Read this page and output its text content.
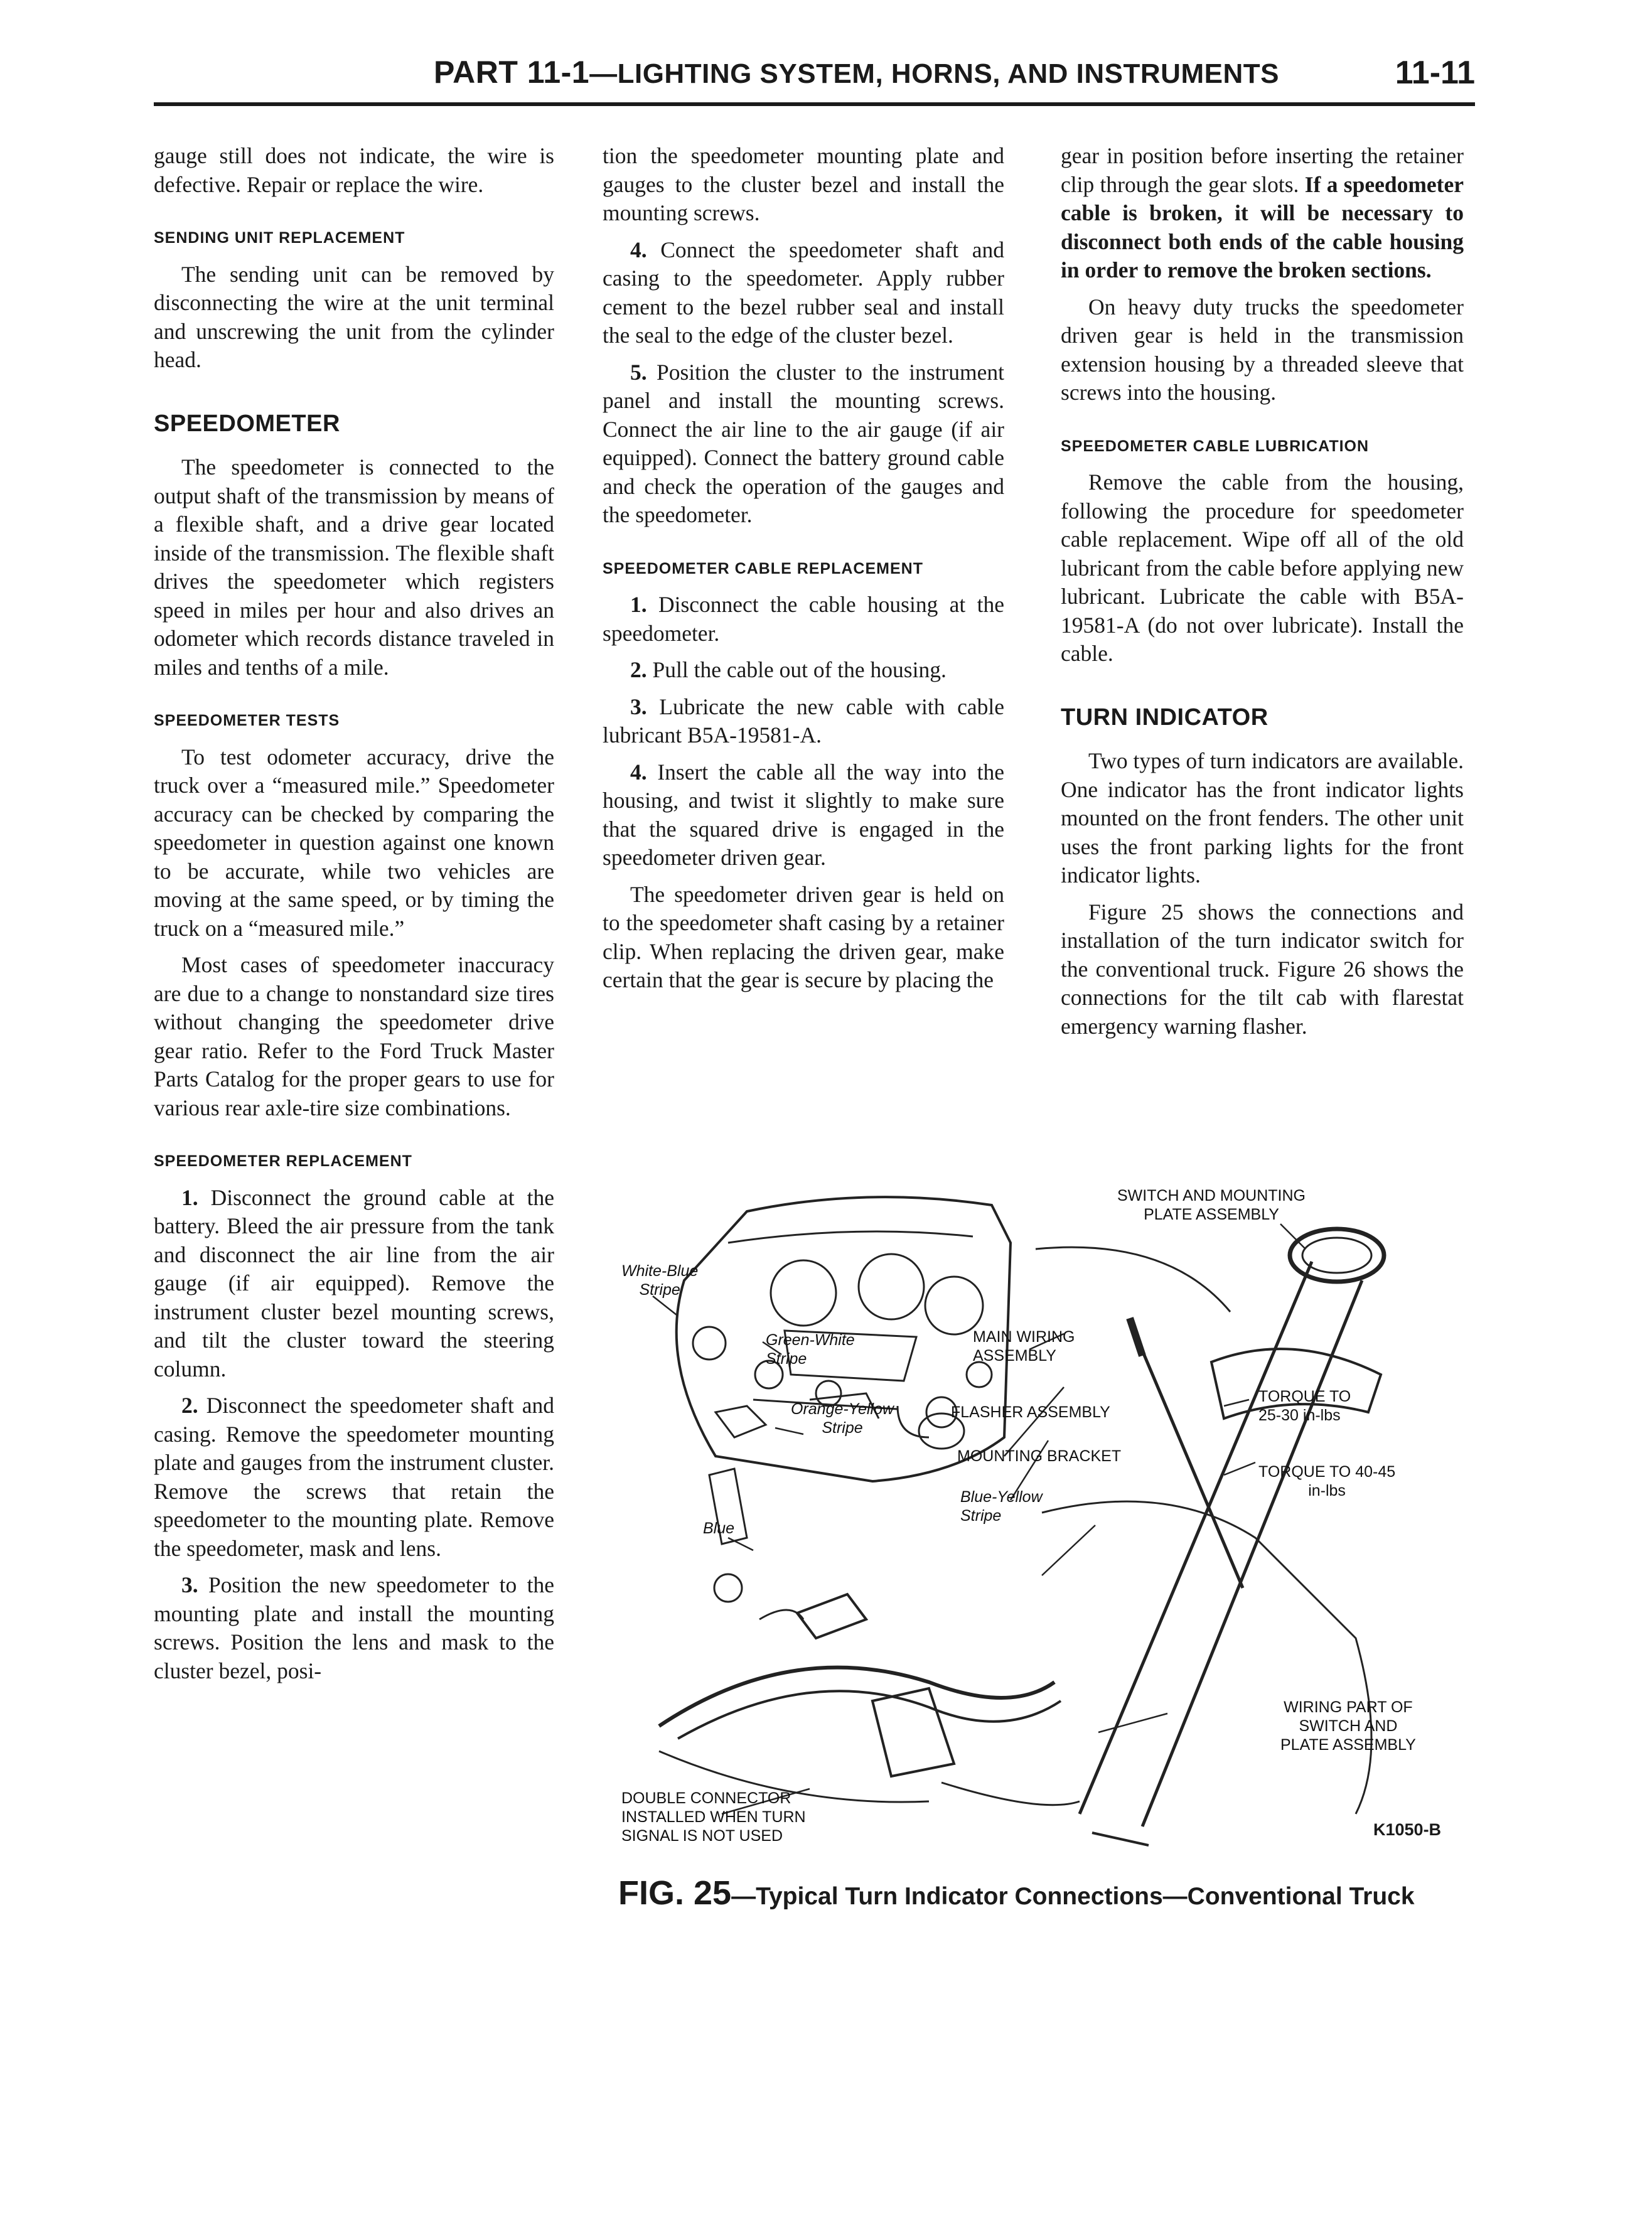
PART 11-1—LIGHTING SYSTEM, HORNS, AND INSTRUMENTS	11-11

gauge still does not indicate, the wire is defective. Repair or replace the wire.

SENDING UNIT REPLACEMENT

The sending unit can be removed by disconnecting the wire at the unit terminal and unscrewing the unit from the cylinder head.

SPEEDOMETER

The speedometer is connected to the output shaft of the transmission by means of a flexible shaft, and a drive gear located inside of the transmission. The flexible shaft drives the speedometer which registers speed in miles per hour and also drives an odometer which records distance traveled in miles and tenths of a mile.

SPEEDOMETER TESTS

To test odometer accuracy, drive the truck over a “measured mile.” Speedometer accuracy can be checked by comparing the speedometer in question against one known to be accurate, while two vehicles are moving at the same speed, or by timing the truck on a “measured mile.”

Most cases of speedometer inaccuracy are due to a change to nonstandard size tires without changing the speedometer drive gear ratio. Refer to the Ford Truck Master Parts Catalog for the proper gears to use for various rear axle-tire size combinations.

SPEEDOMETER REPLACEMENT

1. Disconnect the ground cable at the battery. Bleed the air pressure from the tank and disconnect the air line from the air gauge (if air equipped). Remove the instrument cluster bezel mounting screws, and tilt the cluster toward the steering column.

2. Disconnect the speedometer shaft and casing. Remove the speedometer mounting plate and gauges from the instrument cluster. Remove the screws that retain the speedometer to the mounting plate. Remove the speedometer, mask and lens.

3. Position the new speedometer to the mounting plate and install the mounting screws. Position the lens and mask to the cluster bezel, posi-

tion the speedometer mounting plate and gauges to the cluster bezel and install the mounting screws.

4. Connect the speedometer shaft and casing to the speedometer. Apply rubber cement to the bezel rubber seal and install the seal to the edge of the cluster bezel.

5. Position the cluster to the instrument panel and install the mounting screws. Connect the air line to the air gauge (if air equipped). Connect the battery ground cable and check the operation of the gauges and the speedometer.

SPEEDOMETER CABLE REPLACEMENT

1. Disconnect the cable housing at the speedometer.

2. Pull the cable out of the housing.

3. Lubricate the new cable with cable lubricant B5A-19581-A.

4. Insert the cable all the way into the housing, and twist it slightly to make sure that the squared drive is engaged in the speedometer driven gear.

The speedometer driven gear is held on to the speedometer shaft casing by a retainer clip. When replacing the driven gear, make certain that the gear is secure by placing the

gear in position before inserting the retainer clip through the gear slots. If a speedometer cable is broken, it will be necessary to disconnect both ends of the cable housing in order to remove the broken sections.

On heavy duty trucks the speedometer driven gear is held in the transmission extension housing by a threaded sleeve that screws into the housing.

SPEEDOMETER CABLE LUBRICATION

Remove the cable from the housing, following the procedure for speedometer cable replacement. Wipe off all of the old lubricant from the cable before applying new lubricant. Lubricate the cable with B5A-19581-A (do not over lubricate). Install the cable.

TURN INDICATOR

Two types of turn indicators are available. One indicator has the front indicator lights mounted on the front fenders. The other unit uses the front parking lights for the front indicator lights.

Figure 25 shows the connections and installation of the turn indicator switch for the conventional truck. Figure 26 shows the connections for the tilt cab with flarestat emergency warning flasher.

SWITCH AND MOUNTING
PLATE ASSEMBLY
White-Blue
Stripe
Green-White
Stripe
MAIN WIRING
ASSEMBLY
Orange-Yellow
Stripe
FLASHER ASSEMBLY
TORQUE TO
25-30 in-lbs
MOUNTING BRACKET
TORQUE TO 40-45
in-lbs
Blue-Yellow
Stripe
Blue
WIRING PART OF
SWITCH AND
PLATE ASSEMBLY
DOUBLE CONNECTOR
INSTALLED WHEN TURN
SIGNAL IS NOT USED	K1050-B
FIG. 25—Typical Turn Indicator Connections—Conventional Truck
